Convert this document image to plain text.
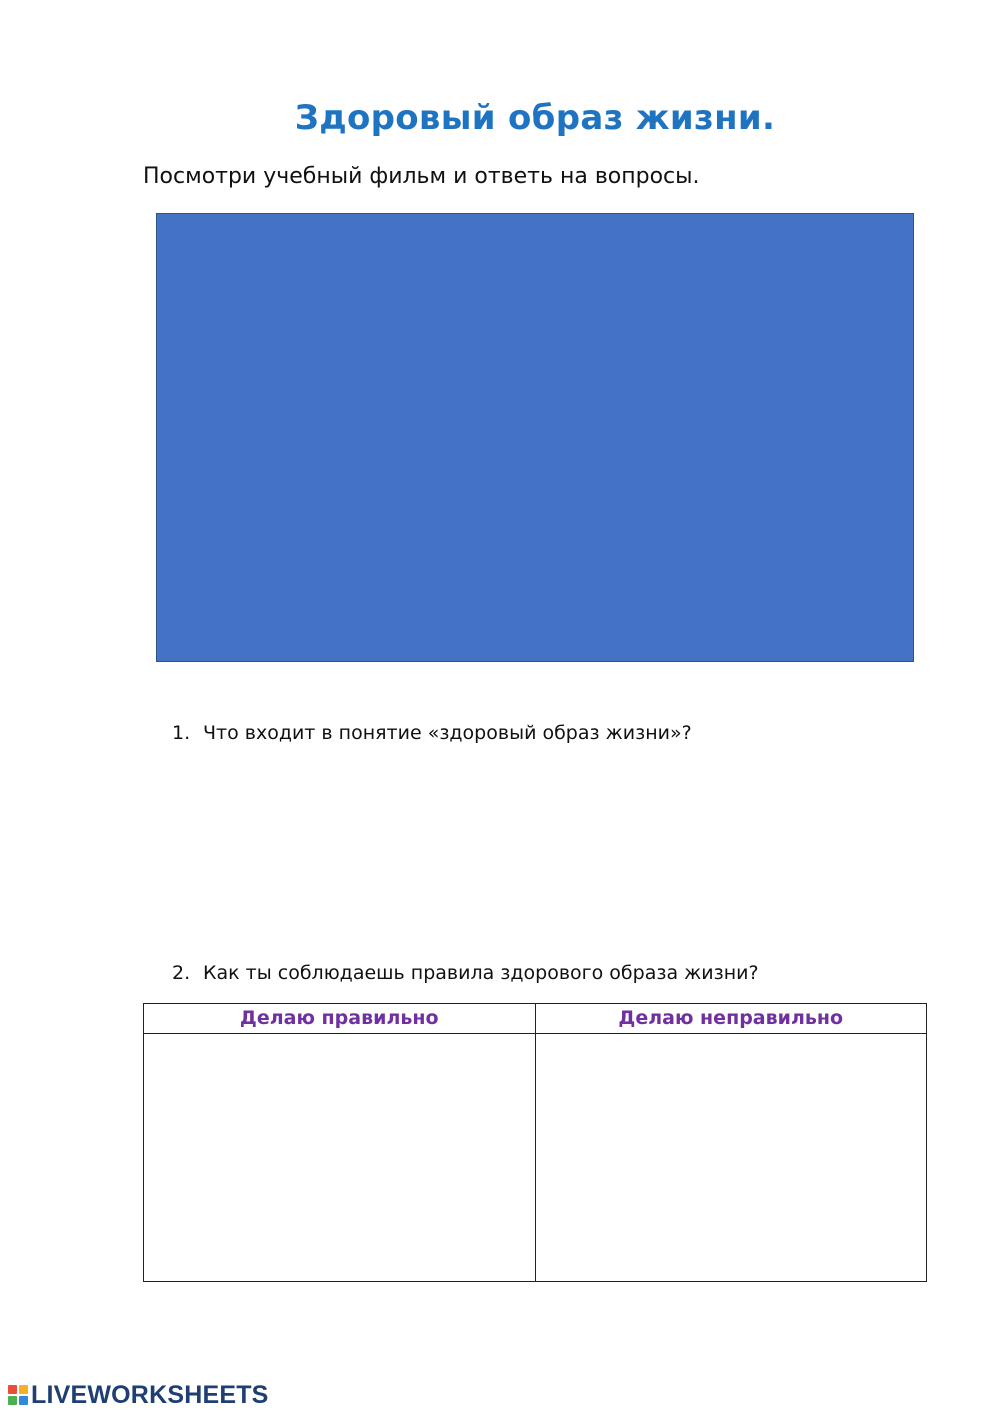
Здоровый образ жизни.
Посмотри учебный фильм и ответь на вопросы.
1. Что входит в понятие «здоровый образ жизни»?
2. Как ты соблюдаешь правила здорового образа жизни?
Делаю правильно	Делаю неправильно
LIVEWORKSHEETS
